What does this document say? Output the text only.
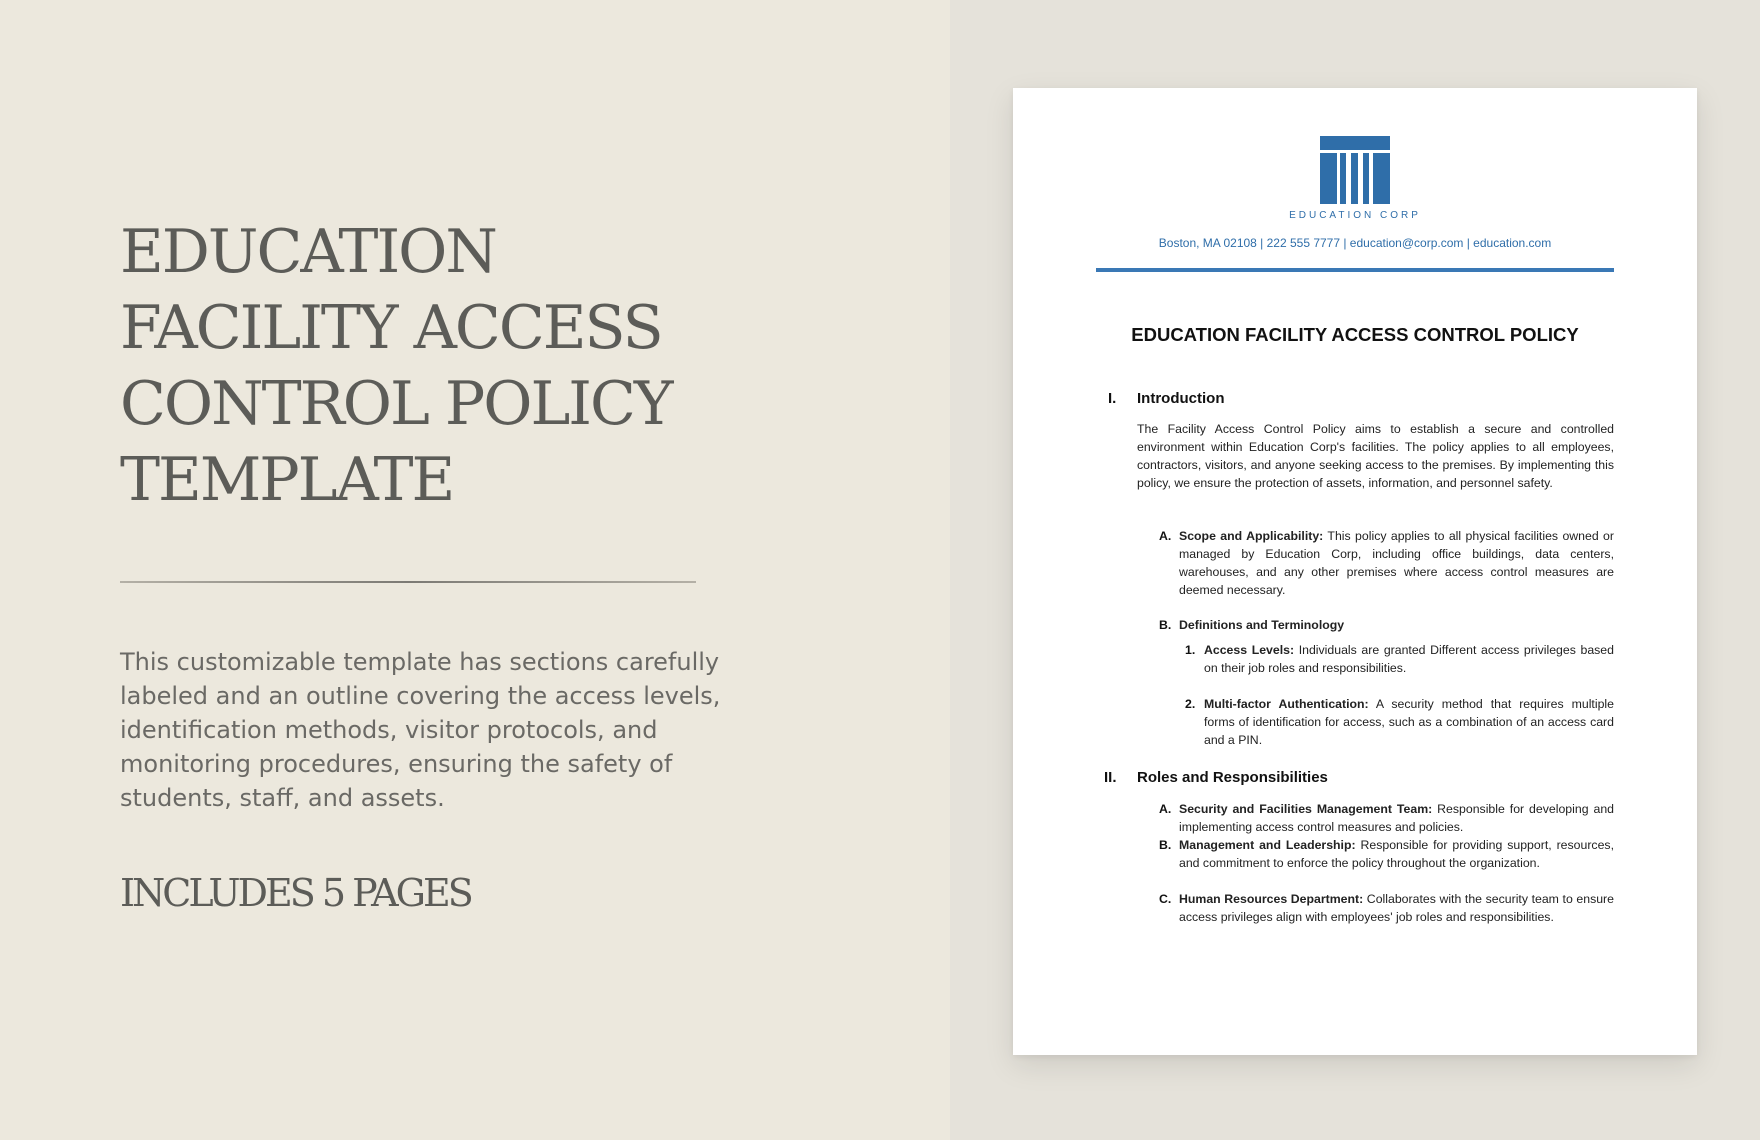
EDUCATION
FACILITY ACCESS
CONTROL POLICY
TEMPLATE

This customizable template has sections carefully labeled and an outline covering the access levels, identification methods, visitor protocols, and monitoring procedures, ensuring the safety of students, staff, and assets.

INCLUDES 5 PAGES

EDUCATION CORP
Boston, MA 02108 | 222 555 7777 | education@corp.com | education.com
EDUCATION FACILITY ACCESS CONTROL POLICY
I. Introduction

The Facility Access Control Policy aims to establish a secure and controlled environment within Education Corp's facilities. The policy applies to all employees, contractors, visitors, and anyone seeking access to the premises. By implementing this policy, we ensure the protection of assets, information, and personnel safety.

A. Scope and Applicability: This policy applies to all physical facilities owned or managed by Education Corp, including office buildings, data centers, warehouses, and any other premises where access control measures are deemed necessary.

B. Definitions and Terminology

1. Access Levels: Individuals are granted Different access privileges based on their job roles and responsibilities.

2. Multi-factor Authentication: A security method that requires multiple forms of identification for access, such as a combination of an access card and a PIN.

II. Roles and Responsibilities

A. Security and Facilities Management Team: Responsible for developing and implementing access control measures and policies.

B. Management and Leadership: Responsible for providing support, resources, and commitment to enforce the policy throughout the organization.

C. Human Resources Department: Collaborates with the security team to ensure access privileges align with employees' job roles and responsibilities.
